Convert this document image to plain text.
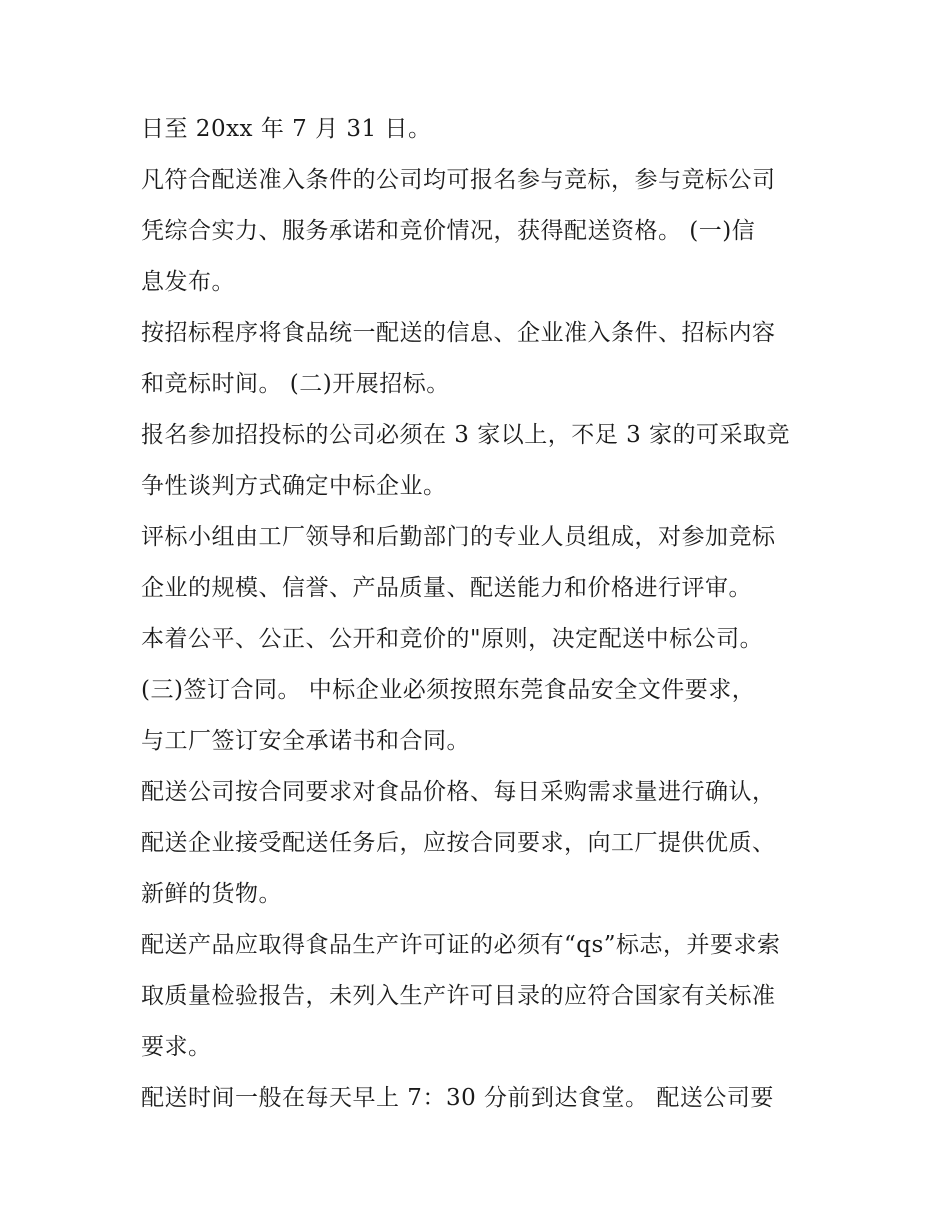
日至 20xx 年 7 月 31 日。
凡符合配送准入条件的公司均可报名参与竞标，参与竞标公司
凭综合实力、服务承诺和竞价情况，获得配送资格。 (一)信
息发布。
按招标程序将食品统一配送的信息、企业准入条件、招标内容
和竞标时间。 (二)开展招标。
报名参加招投标的公司必须在 3 家以上，不足 3 家的可采取竞
争性谈判方式确定中标企业。
评标小组由工厂领导和后勤部门的专业人员组成，对参加竞标
企业的规模、信誉、产品质量、配送能力和价格进行评审。
本着公平、公正、公开和竞价的"原则，决定配送中标公司。
(三)签订合同。 中标企业必须按照东莞食品安全文件要求，
与工厂签订安全承诺书和合同。
配送公司按合同要求对食品价格、每日采购需求量进行确认，
配送企业接受配送任务后，应按合同要求，向工厂提供优质、
新鲜的货物。
配送产品应取得食品生产许可证的必须有“qs”标志，并要求索
取质量检验报告，未列入生产许可目录的应符合国家有关标准
要求。
配送时间一般在每天早上 7：30 分前到达食堂。 配送公司要
